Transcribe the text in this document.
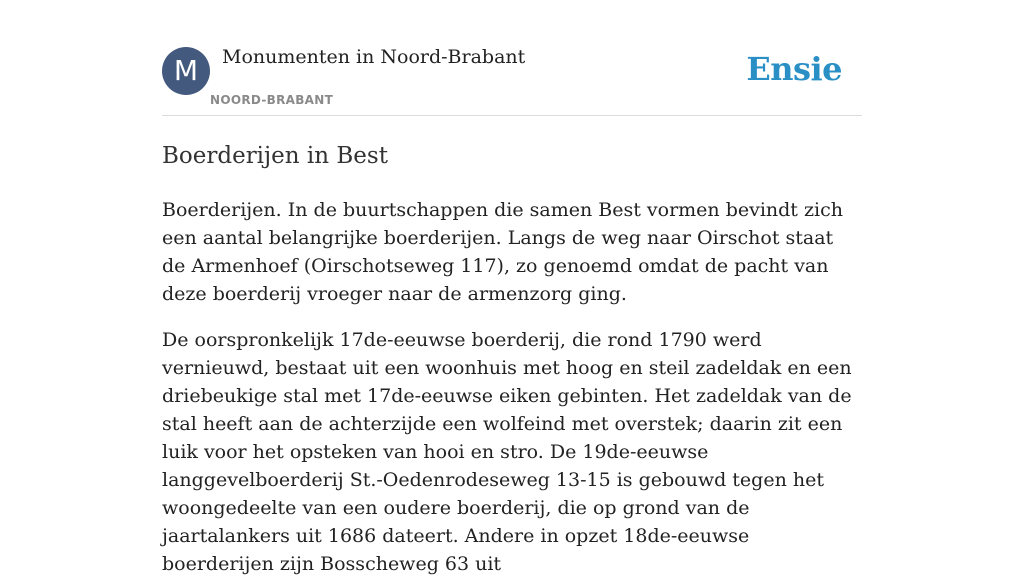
M	Monumenten in Noord-Brabant
NOORD-BRABANT
Ensie
Boerderijen in Best

Boerderijen. In de buurtschappen die samen Best vormen bevindt zich een aantal belangrijke boerderijen. Langs de weg naar Oirschot staat de Armenhoef (Oirschotseweg 117), zo genoemd omdat de pacht van deze boerderij vroeger naar de armenzorg ging.

De oorspronkelijk 17de-eeuwse boerderij, die rond 1790 werd vernieuwd, bestaat uit een woonhuis met hoog en steil zadeldak en een driebeukige stal met 17de-eeuwse eiken gebinten. Het zadeldak van de stal heeft aan de achterzijde een wolfeind met overstek; daarin zit een luik voor het opsteken van hooi en stro. De 19de-eeuwse langgevelboerderij St.-Oedenrodeseweg 13-15 is gebouwd tegen het woongedeelte van een oudere boerderij, die op grond van de jaartalankers uit 1686 dateert. Andere in opzet 18de-eeuwse boerderijen zijn Bosscheweg 63 uit
